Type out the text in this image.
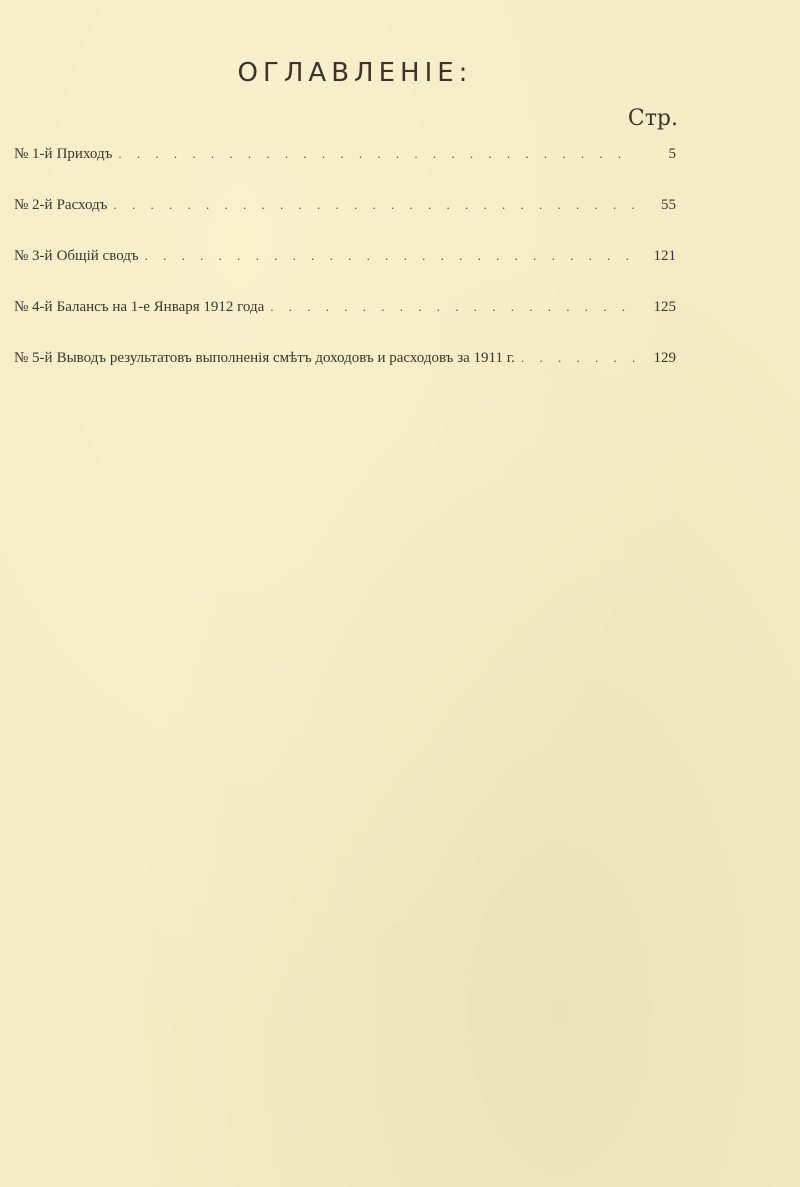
ОГЛАВЛЕНІЕ:
Стр.
№ 1-й Приходъ . . .	5
№ 2-й Расходъ . . .	55
№ 3-й Общій сводъ . . .	121
№ 4-й Балансъ на 1-е Января 1912 года . . .	125
№ 5-й Выводъ результатовъ выполненія смѣтъ доходовъ и расходовъ за 1911 г. . . .	129
